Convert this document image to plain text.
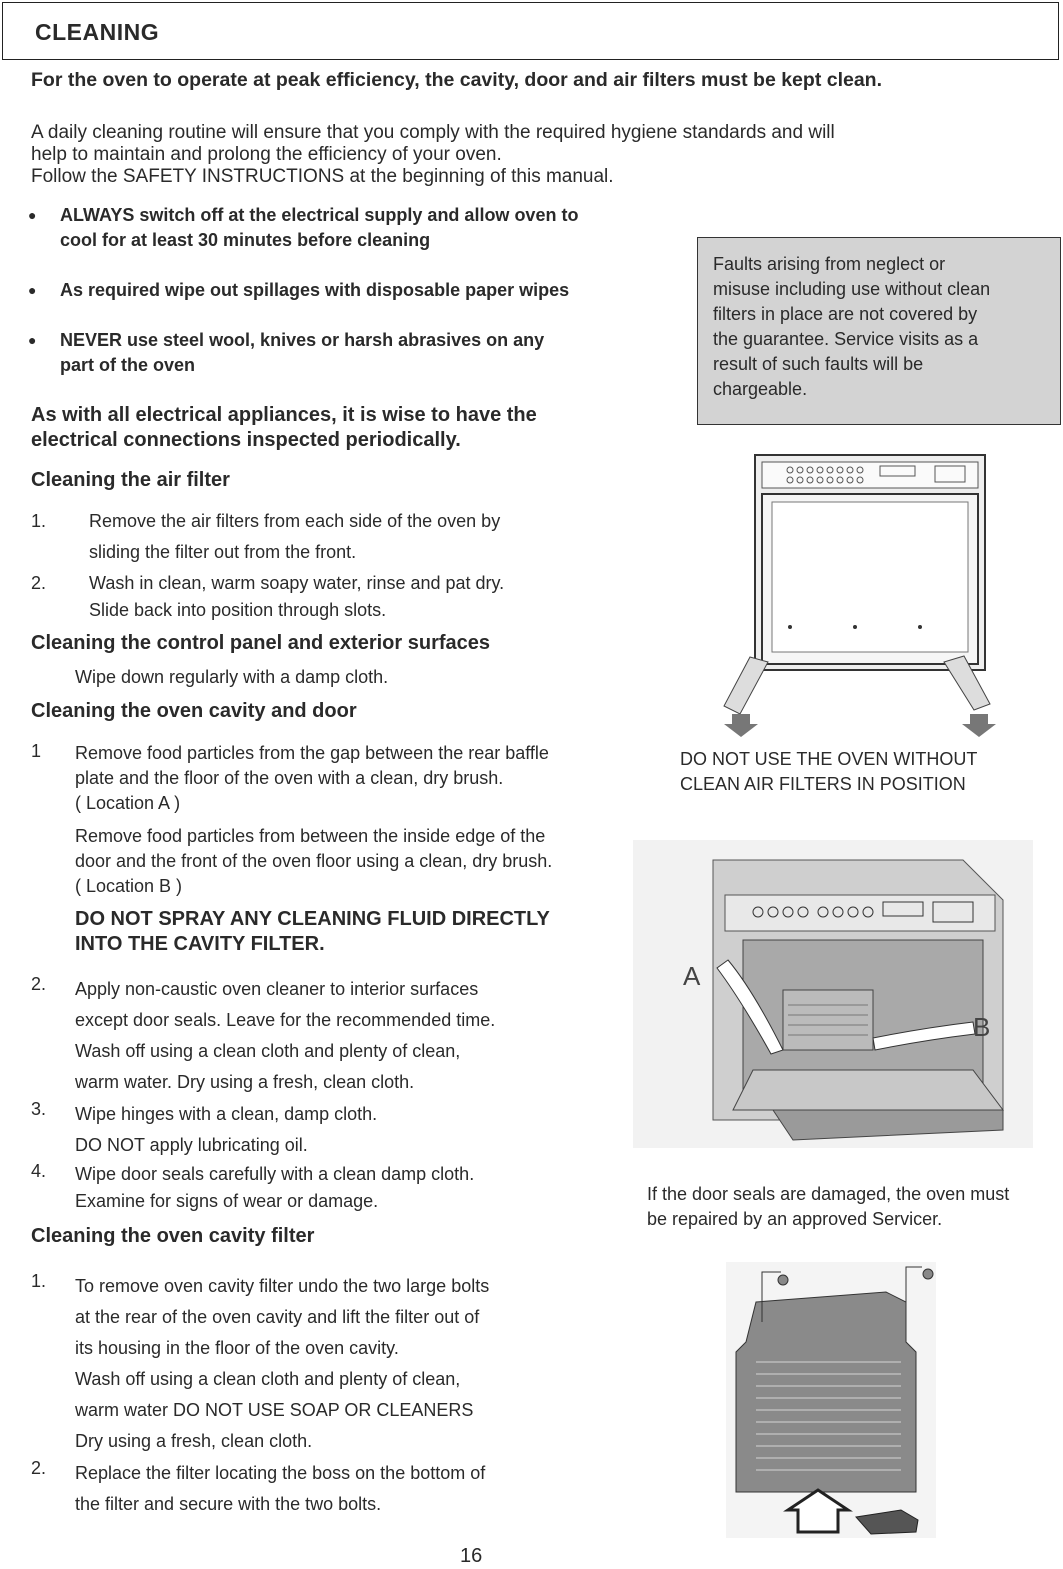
CLEANING
For the oven to operate at peak efficiency, the cavity, door and air filters must be kept clean.
A daily cleaning routine will ensure that you comply with the required hygiene standards and will
help to maintain and prolong the efficiency of your oven.
Follow the SAFETY INSTRUCTIONS at the beginning of this manual.
● ALWAYS switch off at the electrical supply and allow oven to
cool for at least 30 minutes before cleaning
● As required wipe out spillages with disposable paper wipes
● NEVER use steel wool, knives or harsh abrasives on any
part of the oven
Faults arising from neglect or
misuse including use without clean
filters in place are not covered by
the guarantee. Service visits as a
result of such faults will be
chargeable.
As with all electrical appliances, it is wise to have the
electrical connections inspected periodically.
Cleaning the air filter
1. Remove the air filters from each side of the oven by
sliding the filter out from the front.
2. Wash in clean, warm soapy water, rinse and pat dry.
Slide back into position through slots.
Cleaning the control panel and exterior surfaces
Wipe down regularly with a damp cloth.
Cleaning the oven cavity and door
1 Remove food particles from the gap between the rear baffle
plate and the floor of the oven with a clean, dry brush.
( Location A )
Remove food particles from between the inside edge of the
door and the front of the oven floor using a clean, dry brush.
( Location B )
DO NOT SPRAY ANY CLEANING FLUID DIRECTLY
INTO THE CAVITY FILTER.
2. Apply non-caustic oven cleaner to interior surfaces
except door seals. Leave for the recommended time.
Wash off using a clean cloth and plenty of clean,
warm water. Dry using a fresh, clean cloth.
3. Wipe hinges with a clean, damp cloth.
DO NOT apply lubricating oil.
4. Wipe door seals carefully with a clean damp cloth.
Examine for signs of wear or damage.
Cleaning the oven cavity filter
1. To remove oven cavity filter undo the two large bolts
at the rear of the oven cavity and lift the filter out of
its housing in the floor of the oven cavity.
Wash off using a clean cloth and plenty of clean,
warm water DO NOT USE SOAP OR CLEANERS
Dry using a fresh, clean cloth.
2. Replace the filter locating the boss on the bottom of
the filter and secure with the two bolts.
DO NOT USE THE OVEN WITHOUT
CLEAN AIR FILTERS IN POSITION
A
B
If the door seals are damaged, the oven must
be repaired by an approved Servicer.
16
